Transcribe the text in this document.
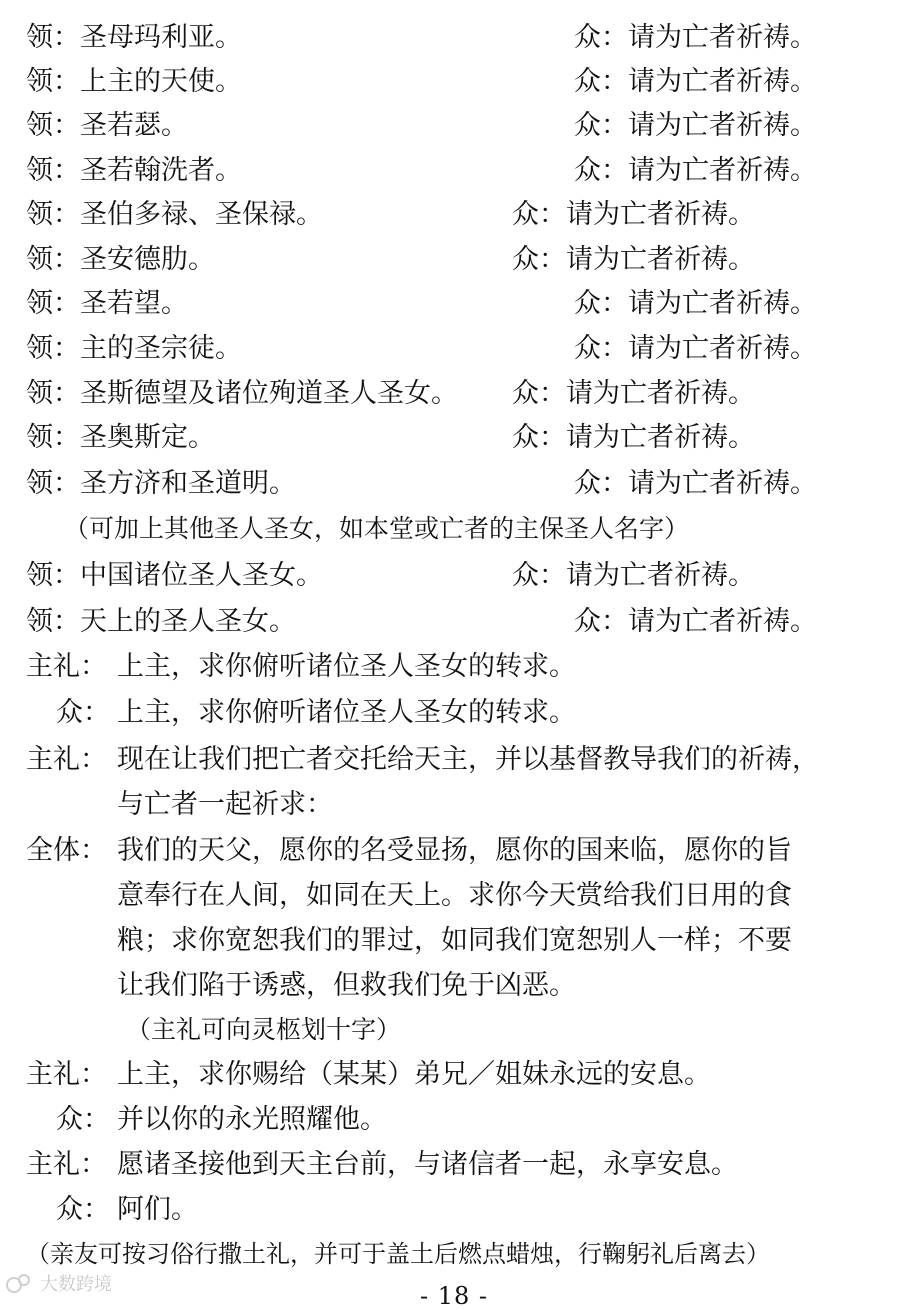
领：圣母玛利亚。	众：请为亡者祈祷。
领：上主的天使。	众：请为亡者祈祷。
领：圣若瑟。	众：请为亡者祈祷。
领：圣若翰洗者。	众：请为亡者祈祷。
领：圣伯多禄、圣保禄。	众：请为亡者祈祷。
领：圣安德肋。	众：请为亡者祈祷。
领：圣若望。	众：请为亡者祈祷。
领：主的圣宗徒。	众：请为亡者祈祷。
领：圣斯德望及诸位殉道圣人圣女。 众：请为亡者祈祷。
领：圣奥斯定。	众：请为亡者祈祷。
领：圣方济和圣道明。	众：请为亡者祈祷。
（可加上其他圣人圣女，如本堂或亡者的主保圣人名字）
领：中国诸位圣人圣女。	众：请为亡者祈祷。
领：天上的圣人圣女。	众：请为亡者祈祷。
主礼： 上主，求你俯听诸位圣人圣女的转求。
众： 上主，求你俯听诸位圣人圣女的转求。
主礼： 现在让我们把亡者交托给天主，并以基督教导我们的祈祷，
与亡者一起祈求：
全体： 我们的天父，愿你的名受显扬，愿你的国来临，愿你的旨
意奉行在人间，如同在天上。求你今天赏给我们日用的食
粮；求你宽恕我们的罪过，如同我们宽恕别人一样；不要
让我们陷于诱惑，但救我们免于凶恶。
（主礼可向灵柩划十字）
主礼： 上主，求你赐给（某某）弟兄／姐妹永远的安息。
众： 并以你的永光照耀他。
主礼： 愿诸圣接他到天主台前，与诸信者一起，永享安息。
众： 阿们。
（亲友可按习俗行撒土礼，并可于盖土后燃点蜡烛，行鞠躬礼后离去）
大数跨境	- 18 -
